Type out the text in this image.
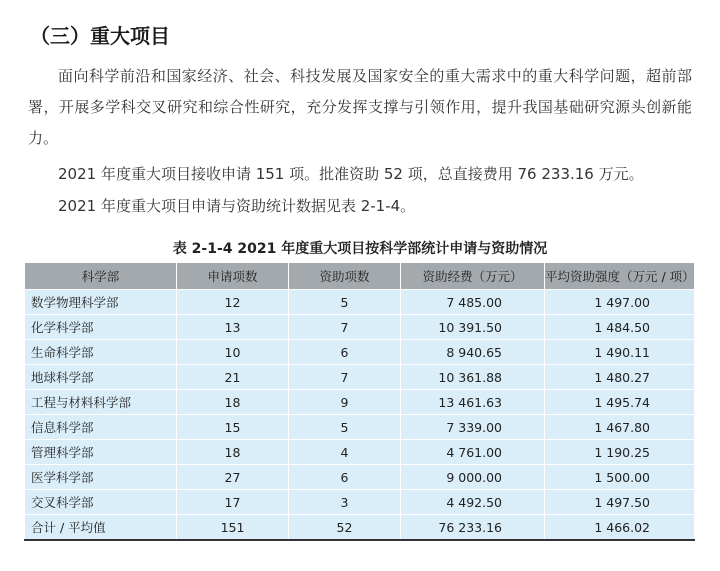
（三）重大项目

面向科学前沿和国家经济、社会、科技发展及国家安全的重大需求中的重大科学问题，超前部署，开展多学科交叉研究和综合性研究，充分发挥支撑与引领作用，提升我国基础研究源头创新能力。

2021 年度重大项目接收申请 151 项。批准资助 52 项，总直接费用 76 233.16 万元。
2021 年度重大项目申请与资助统计数据见表 2-1-4。
表 2-1-4 2021 年度重大项目按科学部统计申请与资助情况
科学部	申请项数	资助项数	资助经费（万元）	平均资助强度（万元 / 项）
数学物理科学部	12	5	7 485.00	1 497.00
化学科学部	13	7	10 391.50	1 484.50
生命科学部	10	6	8 940.65	1 490.11
地球科学部	21	7	10 361.88	1 480.27
工程与材料科学部	18	9	13 461.63	1 495.74
信息科学部	15	5	7 339.00	1 467.80
管理科学部	18	4	4 761.00	1 190.25
医学科学部	27	6	9 000.00	1 500.00
交叉科学部	17	3	4 492.50	1 497.50
合计 / 平均值	151	52	76 233.16	1 466.02
